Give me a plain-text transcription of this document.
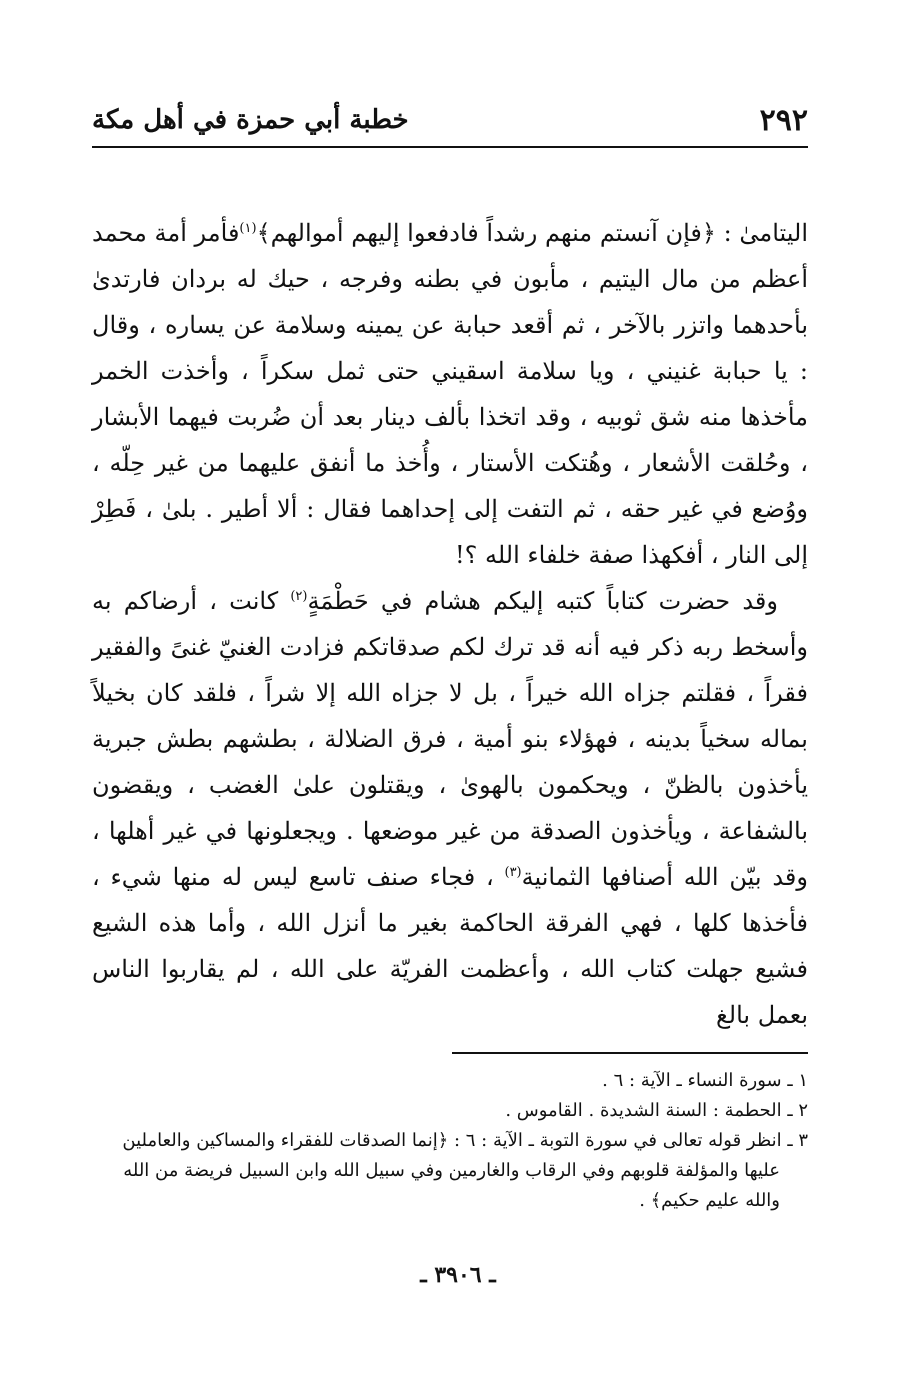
٢٩٢
خطبة أبي حمزة في أهل مكة

اليتامىٰ : ﴿فإن آنستم منهم رشداً فادفعوا إليهم أموالهم﴾$^{(١)}$فأمر أمة محمد أعظم من مال اليتيم ، مأبون في بطنه وفرجه ، حيك له بردان فارتدىٰ بأحدهما واتزر بالآخر ، ثم أقعد حبابة عن يمينه وسلامة عن يساره ، وقال : يا حبابة غنيني ، ويا سلامة اسقيني حتى ثمل سكراً ، وأخذت الخمر مأخذها منه شق ثوبيه ، وقد اتخذا بألف دينار بعد أن ضُربت فيهما الأبشار ، وحُلقت الأشعار ، وهُتكت الأستار ، وأُخذ ما أنفق عليهما من غير حِلّه ، ووُضع في غير حقه ، ثم التفت إلى إحداهما فقال : ألا أطير . بلىٰ ، فَطِرْ إلى النار ، أفكهذا صفة خلفاء الله ؟!

وقد حضرت كتاباً كتبه إليكم هشام في حَطْمَةٍ$^{(٢)}$ كانت ، أرضاكم به وأسخط ربه ذكر فيه أنه قد ترك لكم صدقاتكم فزادت الغنيّ غنىً والفقير فقراً ، فقلتم جزاه الله خيراً ، بل لا جزاه الله إلا شراً ، فلقد كان بخيلاً بماله سخياً بدينه ، فهؤلاء بنو أمية ، فرق الضلالة ، بطشهم بطش جبرية يأخذون بالظنّ ، ويحكمون بالهوىٰ ، ويقتلون علىٰ الغضب ، ويقضون بالشفاعة ، ويأخذون الصدقة من غير موضعها . ويجعلونها في غير أهلها ، وقد بيّن الله أصنافها الثمانية$^{(٣)}$ ، فجاء صنف تاسع ليس له منها شيء ، فأخذها كلها ، فهي الفرقة الحاكمة بغير ما أنزل الله ، وأما هذه الشيع فشيع جهلت كتاب الله ، وأعظمت الفريّة على الله ، لم يقاربوا الناس بعمل بالغ

١ ـ سورة النساء ـ الآية : ٦ .

٢ ـ الحطمة : السنة الشديدة . القاموس .

٣ ـ انظر قوله تعالى في سورة التوبة ـ الآية : ٦ : ﴿إنما الصدقات للفقراء والمساكين والعاملين
عليها والمؤلفة قلوبهم وفي الرقاب والغارمين وفي سبيل الله وابن السبيل فريضة من الله والله عليم حكيم﴾ .

ـ ٣٩٠٦ ـ
